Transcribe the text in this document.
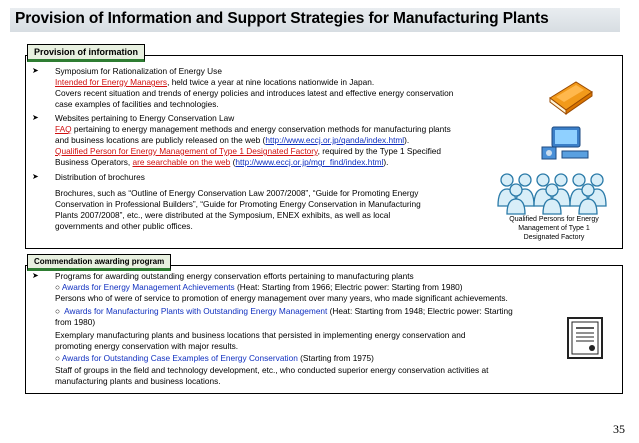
Provision of Information and Support Strategies for Manufacturing Plants
Provision of information
➤ Symposium for Rationalization of Energy Use
Intended for Energy Managers, held twice a year at nine locations nationwide in Japan.
Covers recent situation and trends of energy policies and introduces latest and effective energy conservation
case examples of facilities and technologies.
➤ Websites pertaining to Energy Conservation Law
FAQ pertaining to energy management methods and energy conservation methods for manufacturing plants
and business locations are publicly released on the web (http://www.eccj.or.jp/qanda/index.html).
Qualified Person for Energy Management of Type 1 Designated Factory, required by the Type 1 Specified
Business Operators, are searchable on the web (http://www.eccj.or.jp/mgr_find/index.html).
➤ Distribution of brochures
Brochures, such as “Outline of Energy Conservation Law 2007/2008”, “Guide for Promoting Energy
Conservation in Professional Builders”, “Guide for Promoting Energy Conservation in Manufacturing
Plants 2007/2008”, etc., were distributed at the Symposium, ENEX exhibits, as well as local
governments and other public offices.
Qualified Persons for Energy
Management of Type 1
Designated Factory
Commendation awarding program
➤ Programs for awarding outstanding energy conservation efforts pertaining to manufacturing plants
○ Awards for Energy Management Achievements (Heat: Starting from 1966; Electric power: Starting from 1980)
Persons who of were of service to promotion of energy management over many years, who made significant achievements.
○  Awards for Manufacturing Plants with Outstanding Energy Management (Heat: Starting from 1948; Electric power: Starting
from 1980)
Exemplary manufacturing plants and business locations that persisted in implementing energy conservation and
promoting energy conservation with major results.
○ Awards for Outstanding Case Examples of Energy Conservation (Starting from 1975)
Staff of groups in the field and technology development, etc., who conducted superior energy conservation activities at
manufacturing plants and business locations.
35
